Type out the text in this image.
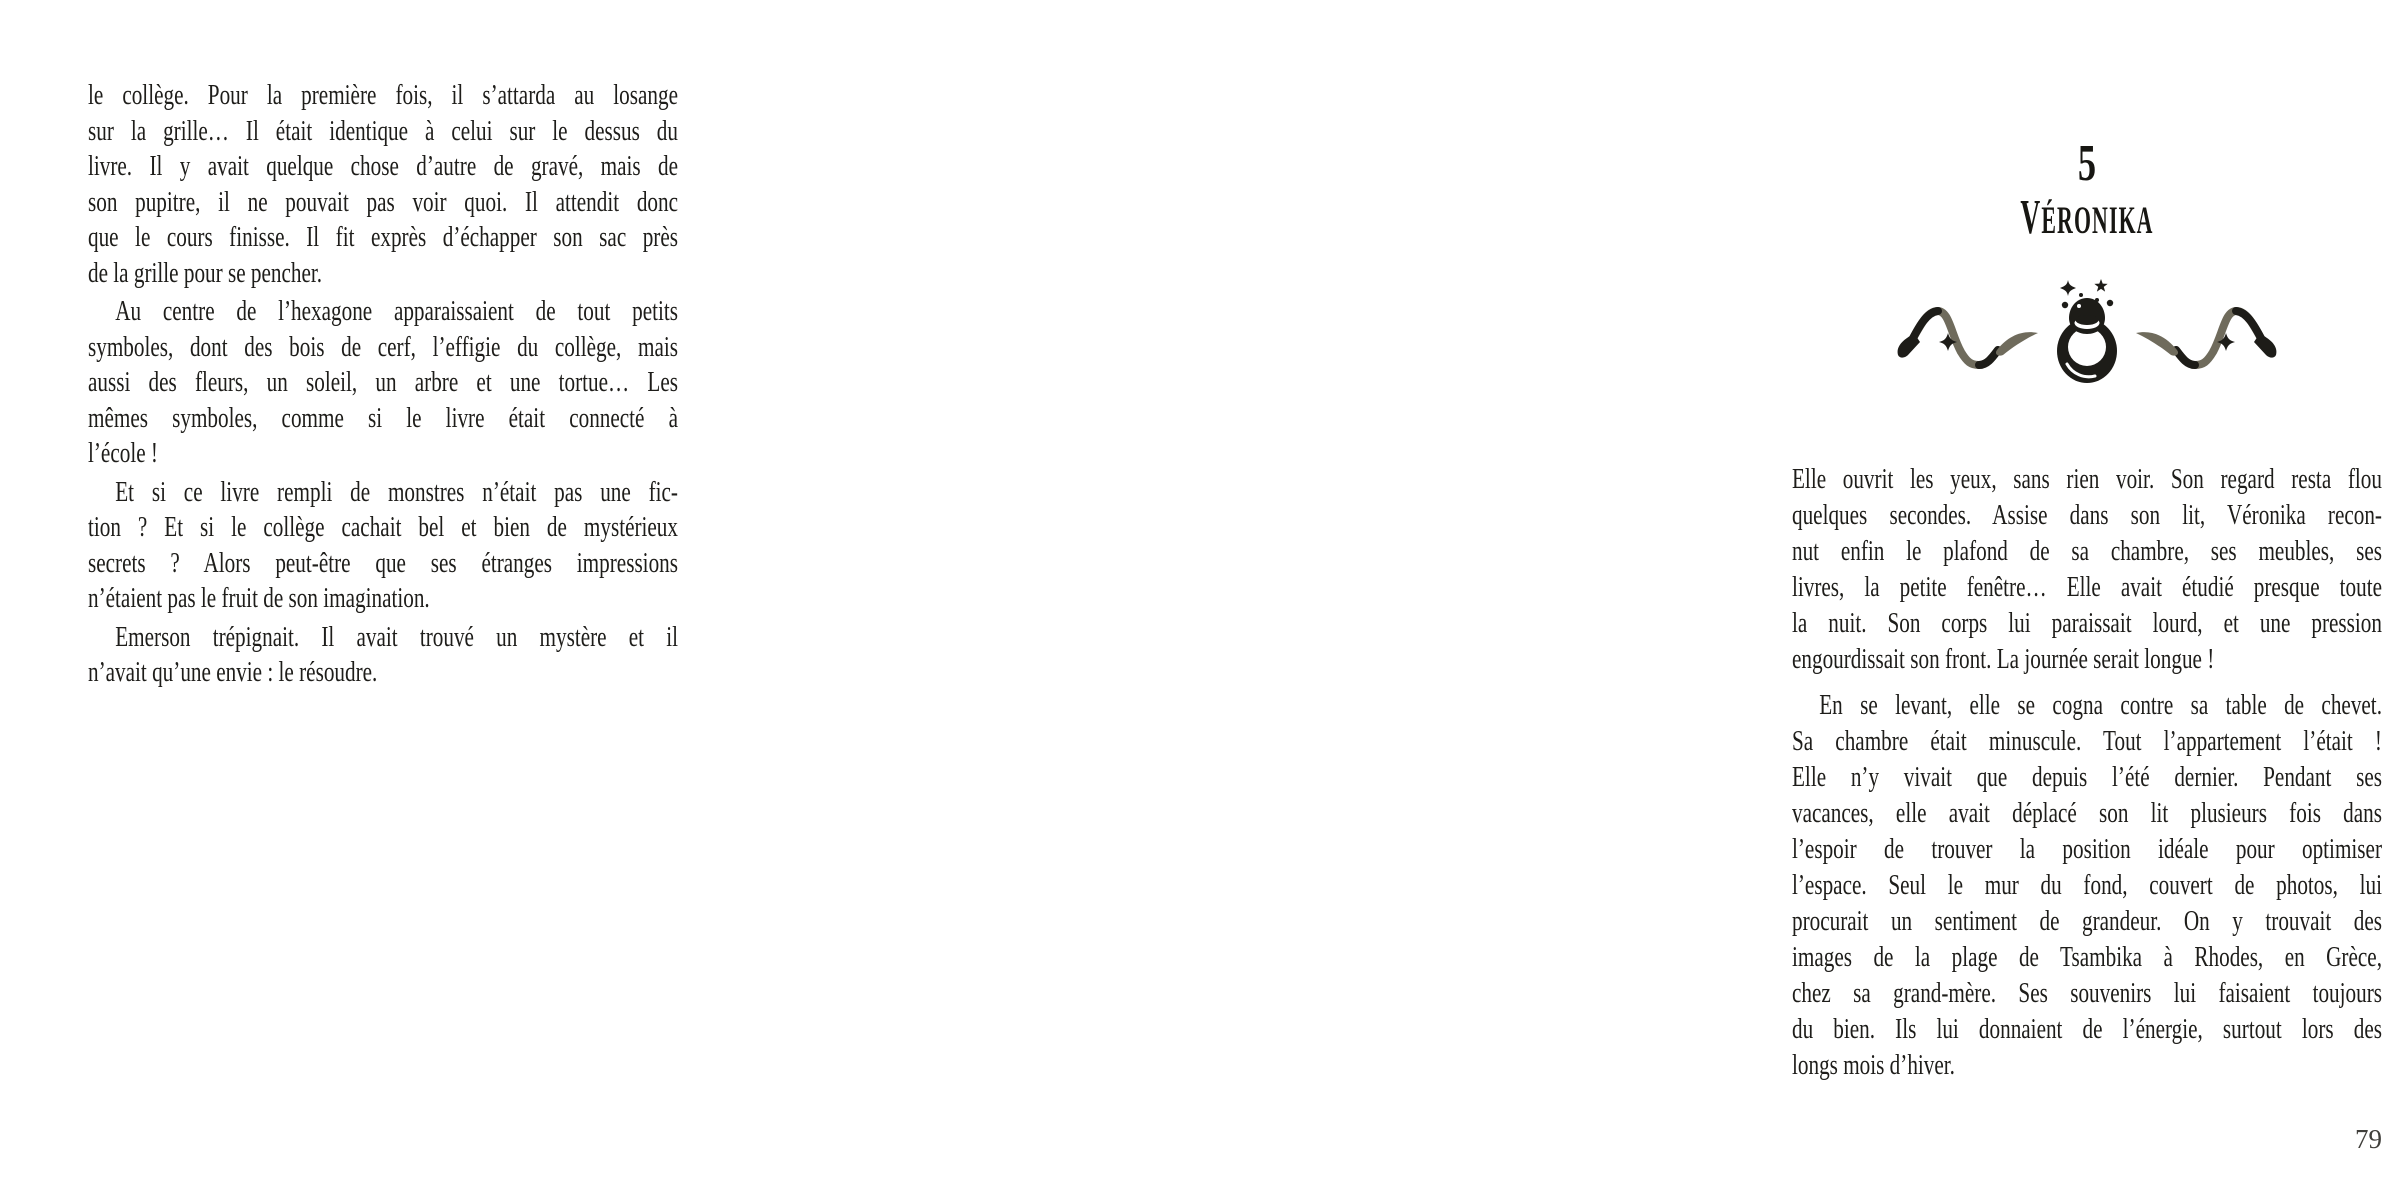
le collège. Pour la première fois, il s’attarda au losange
sur la grille… Il était identique à celui sur le dessus du
livre. Il y avait quelque chose d’autre de gravé, mais de
son pupitre, il ne pouvait pas voir quoi. Il attendit donc
que le cours finisse. Il fit exprès d’échapper son sac près
de la grille pour se pencher.
Au centre de l’hexagone apparaissaient de tout petits
symboles, dont des bois de cerf, l’effigie du collège, mais
aussi des fleurs, un soleil, un arbre et une tortue… Les
mêmes symboles, comme si le livre était connecté à
l’école !
Et si ce livre rempli de monstres n’était pas une fic-
tion ? Et si le collège cachait bel et bien de mystérieux
secrets ? Alors peut-être que ses étranges impressions
n’étaient pas le fruit de son imagination.
Emerson trépignait. Il avait trouvé un mystère et il
n’avait qu’une envie : le résoudre.
5
VÉRONIKA
Elle ouvrit les yeux, sans rien voir. Son regard resta flou
quelques secondes. Assise dans son lit, Véronika recon-
nut enfin le plafond de sa chambre, ses meubles, ses
livres, la petite fenêtre… Elle avait étudié presque toute
la nuit. Son corps lui paraissait lourd, et une pression
engourdissait son front. La journée serait longue !
En se levant, elle se cogna contre sa table de chevet.
Sa chambre était minuscule. Tout l’appartement l’était !
Elle n’y vivait que depuis l’été dernier. Pendant ses
vacances, elle avait déplacé son lit plusieurs fois dans
l’espoir de trouver la position idéale pour optimiser
l’espace. Seul le mur du fond, couvert de photos, lui
procurait un sentiment de grandeur. On y trouvait des
images de la plage de Tsambika à Rhodes, en Grèce,
chez sa grand-mère. Ses souvenirs lui faisaient toujours
du bien. Ils lui donnaient de l’énergie, surtout lors des
longs mois d’hiver.
79
